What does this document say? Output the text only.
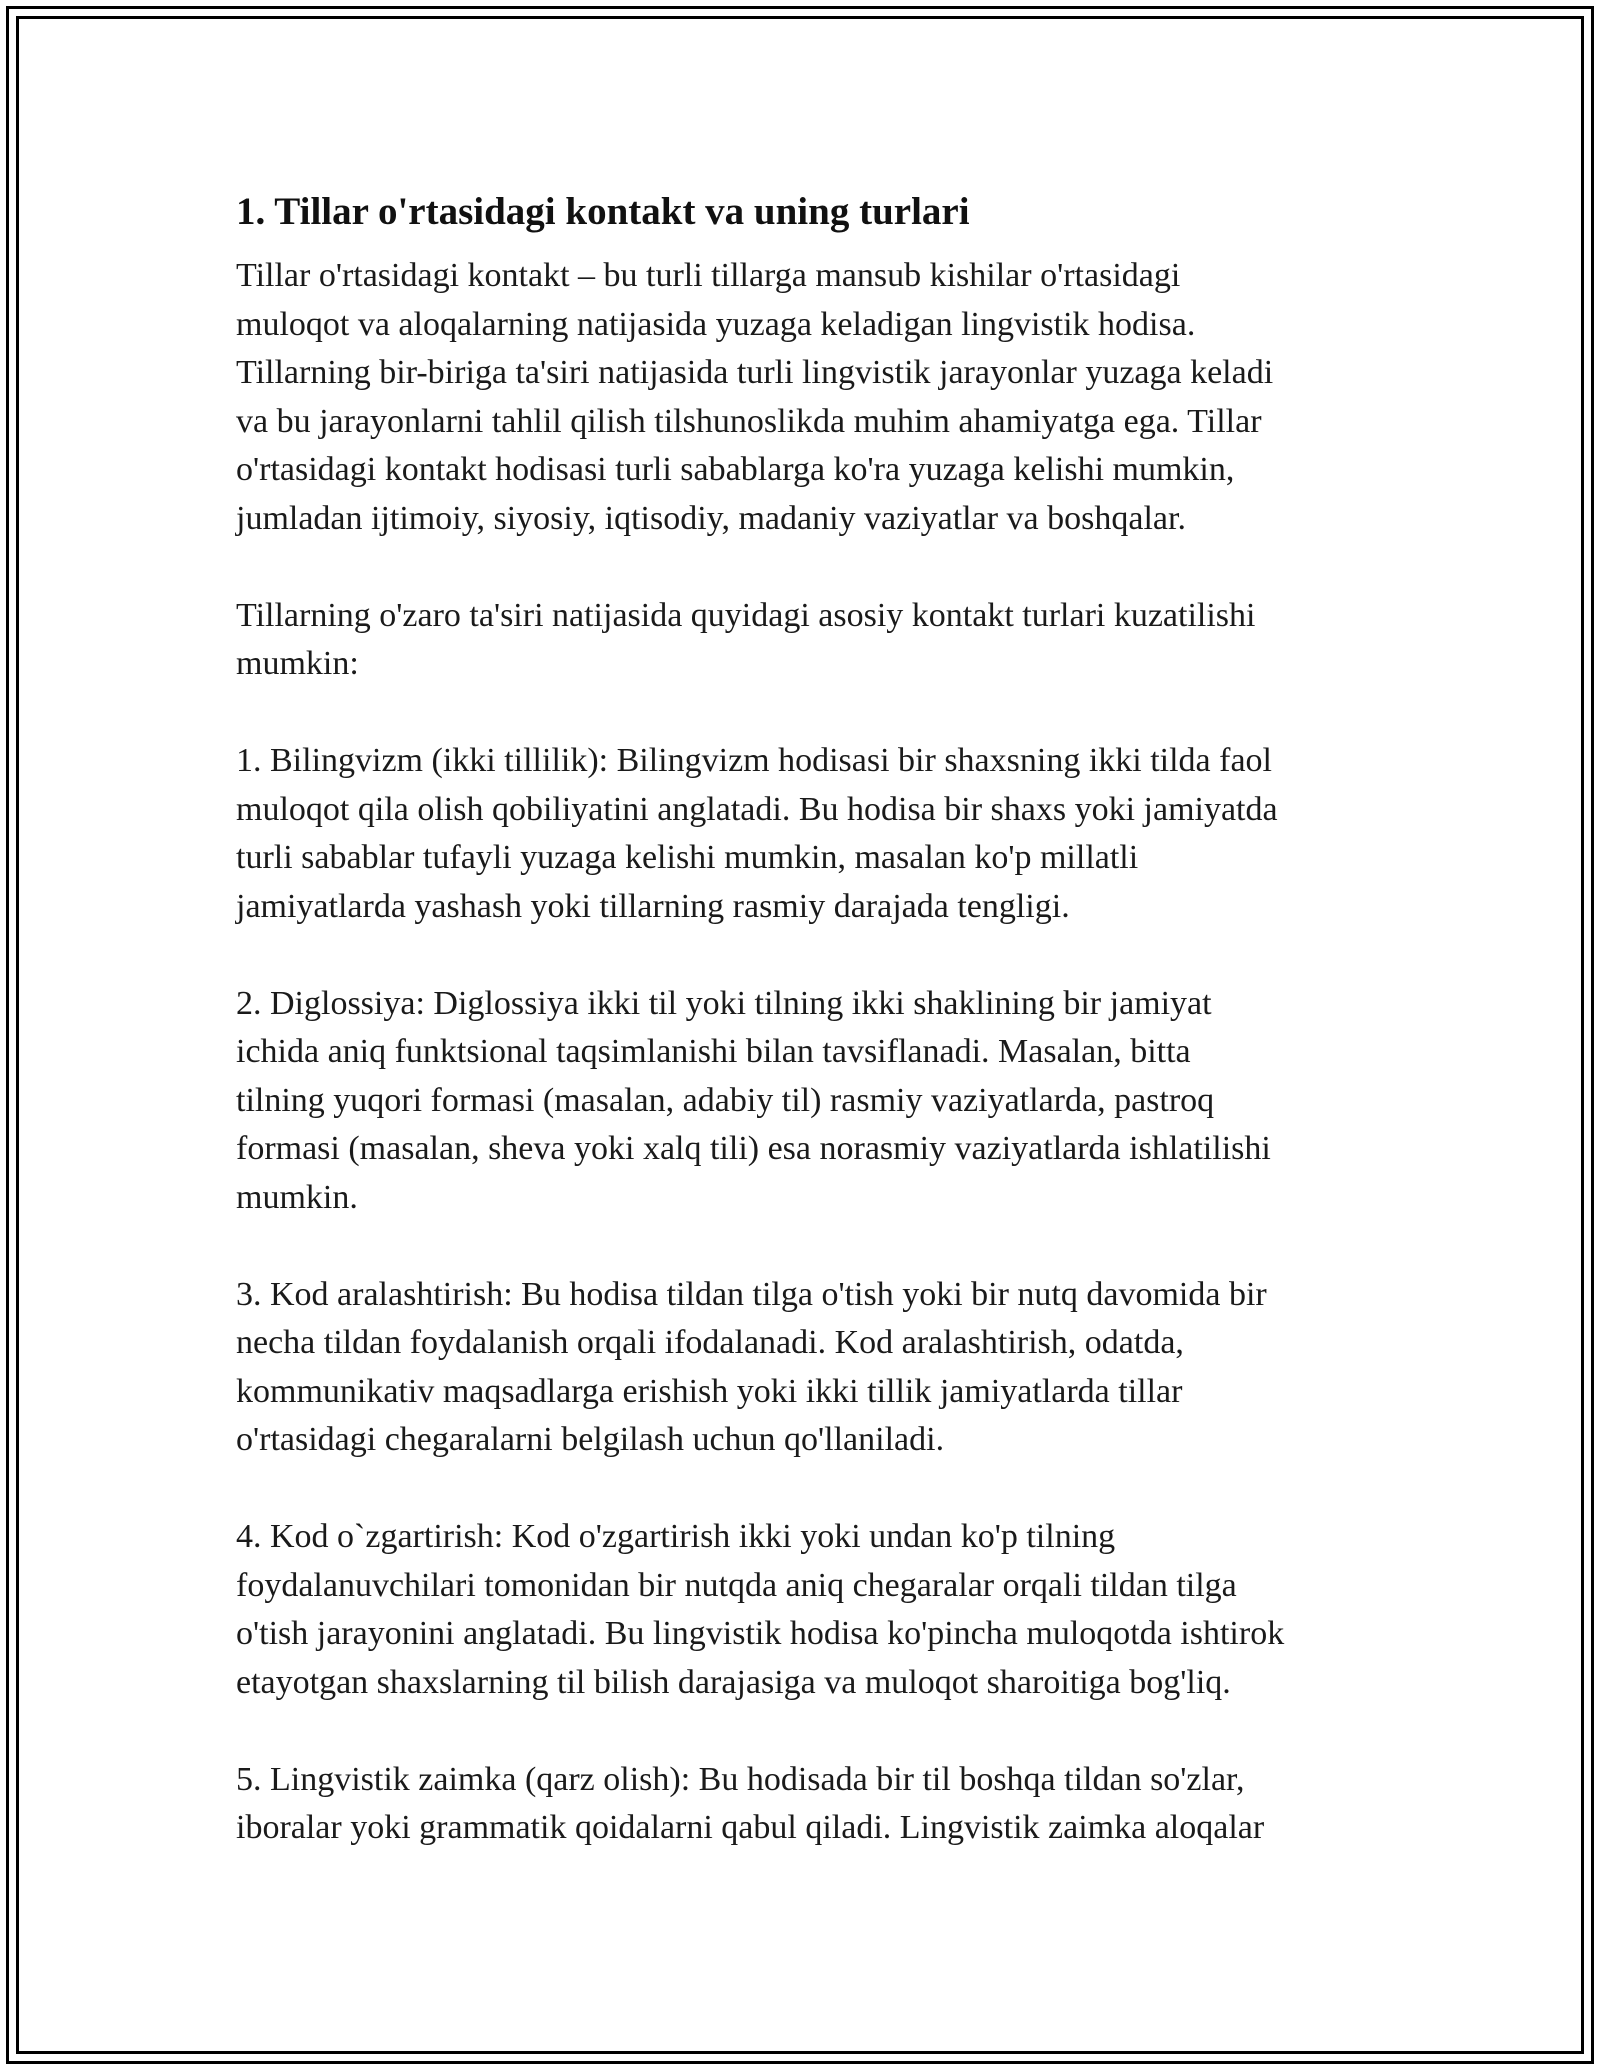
1. Tillar o'rtasidagi kontakt va uning turlari

Tillar o'rtasidagi kontakt – bu turli tillarga mansub kishilar o'rtasidagi
muloqot va aloqalarning natijasida yuzaga keladigan lingvistik hodisa.
Tillarning bir-biriga ta'siri natijasida turli lingvistik jarayonlar yuzaga keladi
va bu jarayonlarni tahlil qilish tilshunoslikda muhim ahamiyatga ega. Tillar
o'rtasidagi kontakt hodisasi turli sabablarga ko'ra yuzaga kelishi mumkin,
jumladan ijtimoiy, siyosiy, iqtisodiy, madaniy vaziyatlar va boshqalar.

Tillarning o'zaro ta'siri natijasida quyidagi asosiy kontakt turlari kuzatilishi
mumkin:

1. Bilingvizm (ikki tillilik): Bilingvizm hodisasi bir shaxsning ikki tilda faol
muloqot qila olish qobiliyatini anglatadi. Bu hodisa bir shaxs yoki jamiyatda
turli sabablar tufayli yuzaga kelishi mumkin, masalan ko'p millatli
jamiyatlarda yashash yoki tillarning rasmiy darajada tengligi.

2. Diglossiya: Diglossiya ikki til yoki tilning ikki shaklining bir jamiyat
ichida aniq funktsional taqsimlanishi bilan tavsiflanadi. Masalan, bitta
tilning yuqori formasi (masalan, adabiy til) rasmiy vaziyatlarda, pastroq
formasi (masalan, sheva yoki xalq tili) esa norasmiy vaziyatlarda ishlatilishi
mumkin.

3. Kod aralashtirish: Bu hodisa tildan tilga o'tish yoki bir nutq davomida bir
necha tildan foydalanish orqali ifodalanadi. Kod aralashtirish, odatda,
kommunikativ maqsadlarga erishish yoki ikki tillik jamiyatlarda tillar
o'rtasidagi chegaralarni belgilash uchun qo'llaniladi.

4. Kod o`zgartirish: Kod o'zgartirish ikki yoki undan ko'p tilning
foydalanuvchilari tomonidan bir nutqda aniq chegaralar orqali tildan tilga
o'tish jarayonini anglatadi. Bu lingvistik hodisa ko'pincha muloqotda ishtirok
etayotgan shaxslarning til bilish darajasiga va muloqot sharoitiga bog'liq.

5. Lingvistik zaimka (qarz olish): Bu hodisada bir til boshqa tildan so'zlar,
iboralar yoki grammatik qoidalarni qabul qiladi. Lingvistik zaimka aloqalar
